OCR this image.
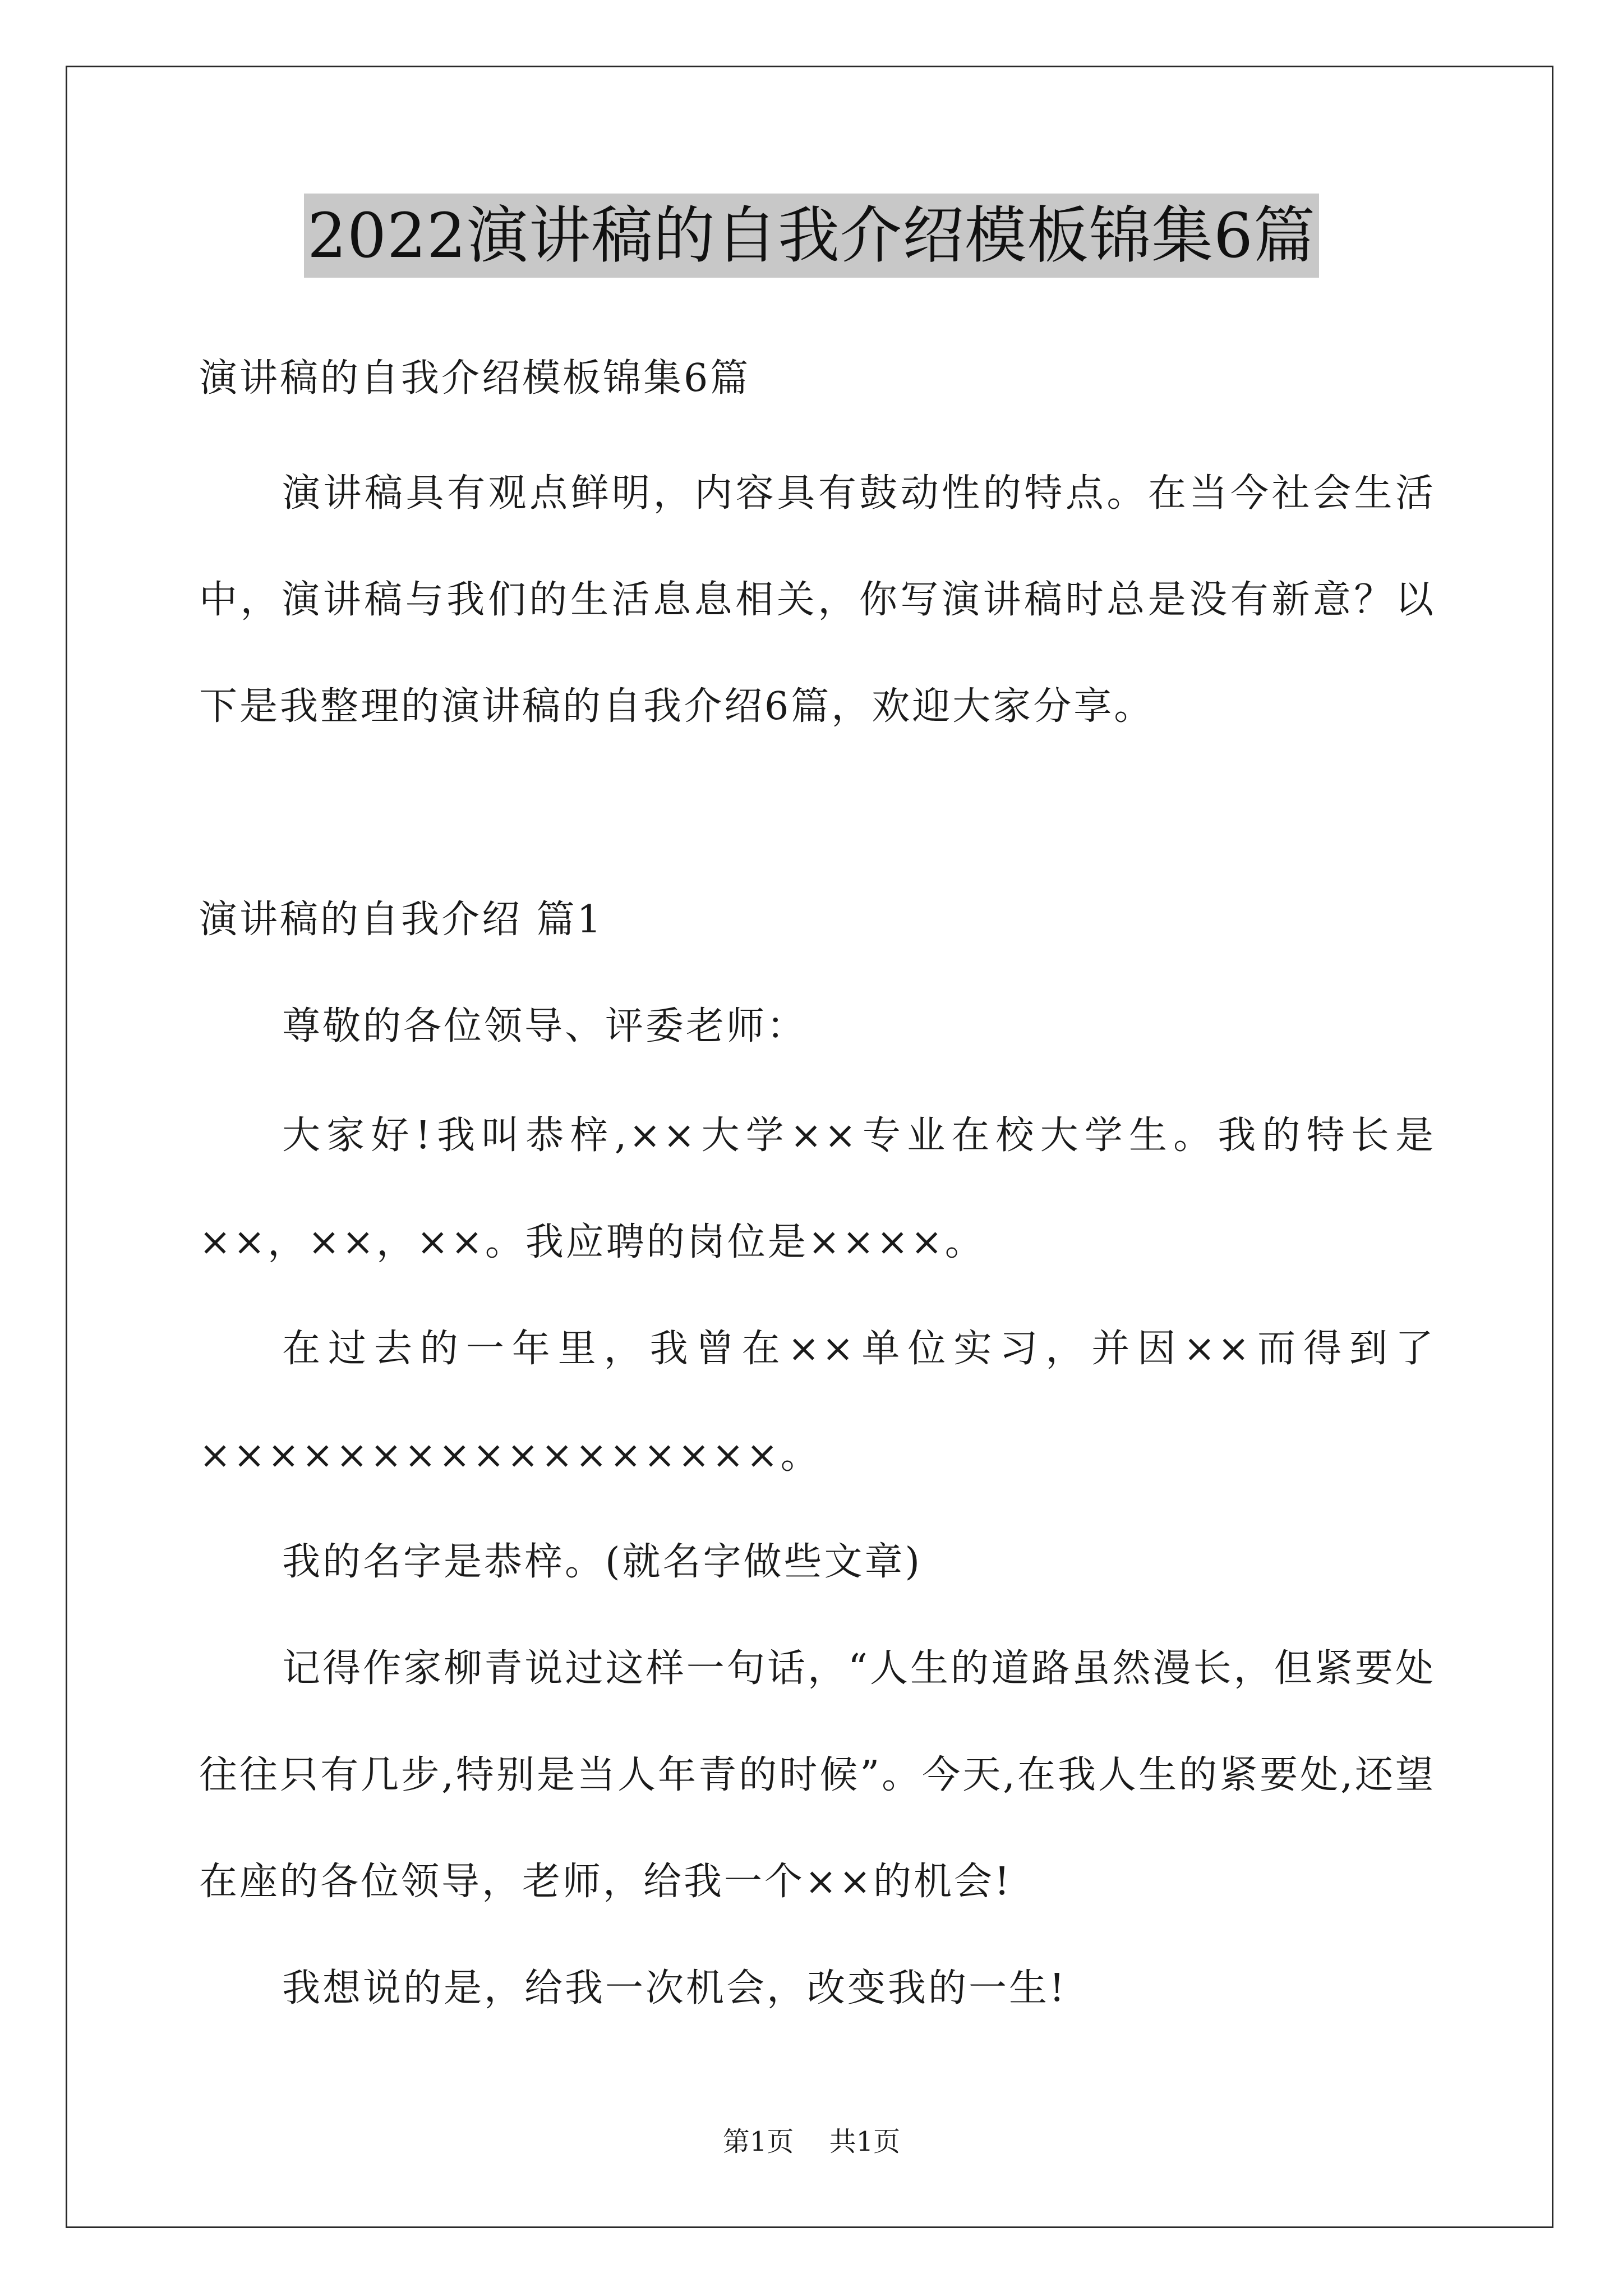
2022演讲稿的自我介绍模板锦集6篇

演讲稿的自我介绍模板锦集6篇

演讲稿具有观点鲜明，内容具有鼓动性的特点。在当今社会生活中，演讲稿与我们的生活息息相关，你写演讲稿时总是没有新意？以下是我整理的演讲稿的自我介绍6篇，欢迎大家分享。

演讲稿的自我介绍 篇1

尊敬的各位领导、评委老师：

大家好!我叫恭梓,××大学××专业在校大学生。我的特长是××，××，××。我应聘的岗位是××××。

在过去的一年里，我曾在××单位实习，并因××而得到了×××××××××××××××××。

我的名字是恭梓。(就名字做些文章)

记得作家柳青说过这样一句话，“人生的道路虽然漫长，但紧要处往往只有几步,特别是当人年青的时候”。今天,在我人生的紧要处,还望在座的各位领导，老师，给我一个××的机会!

我想说的是，给我一次机会，改变我的一生!

第1页 共1页
